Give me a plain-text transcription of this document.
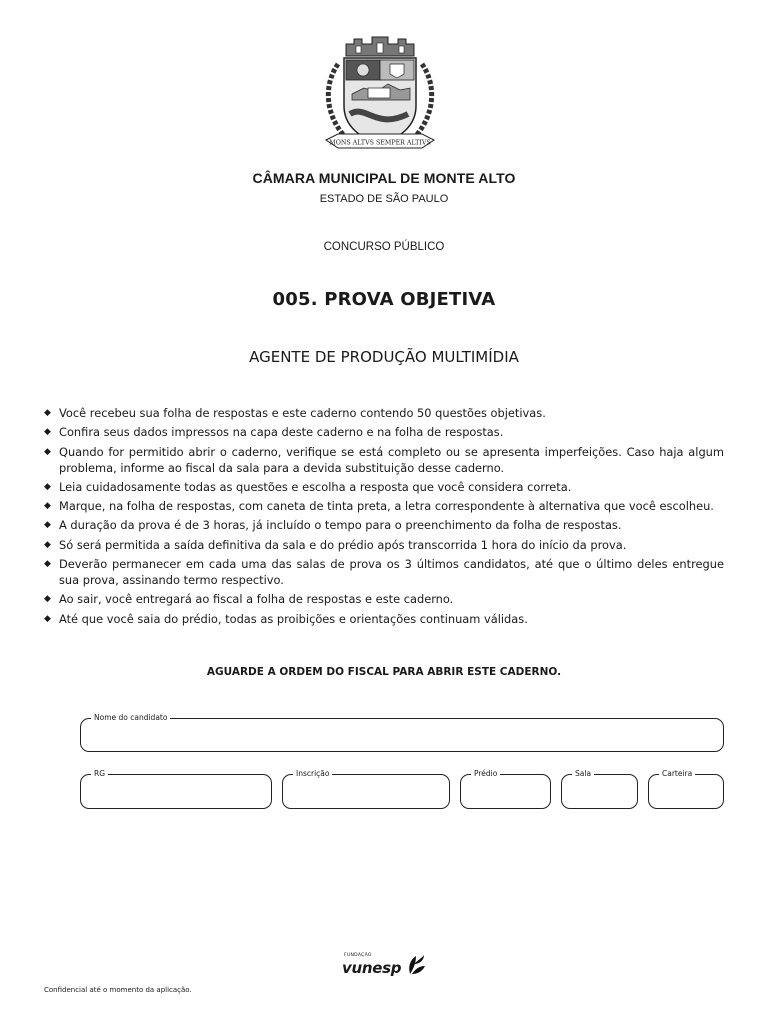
MONS ALTVS SEMPER ALTIVS
CÂMARA MUNICIPAL DE MONTE ALTO
ESTADO DE SÃO PAULO
CONCURSO PÚBLICO
005. PROVA OBJETIVA
AGENTE DE PRODUÇÃO MULTIMÍDIA
◆ Você recebeu sua folha de respostas e este caderno contendo 50 questões objetivas.
◆ Confira seus dados impressos na capa deste caderno e na folha de respostas.
◆ Quando for permitido abrir o caderno, verifique se está completo ou se apresenta imperfeições. Caso haja algum problema, informe ao fiscal da sala para a devida substituição desse caderno.
◆ Leia cuidadosamente todas as questões e escolha a resposta que você considera correta.
◆ Marque, na folha de respostas, com caneta de tinta preta, a letra correspondente à alternativa que você escolheu.
◆ A duração da prova é de 3 horas, já incluído o tempo para o preenchimento da folha de respostas.
◆ Só será permitida a saída definitiva da sala e do prédio após transcorrida 1 hora do início da prova.
◆ Deverão permanecer em cada uma das salas de prova os 3 últimos candidatos, até que o último deles entregue sua prova, assinando termo respectivo.
◆ Ao sair, você entregará ao fiscal a folha de respostas e este caderno.
◆ Até que você saia do prédio, todas as proibições e orientações continuam válidas.
AGUARDE A ORDEM DO FISCAL PARA ABRIR ESTE CADERNO.
Nome do candidato
RG	Inscrição	Prédio	Sala	Carteira
FUNDAÇÃO
vunesp
Confidencial até o momento da aplicação.
